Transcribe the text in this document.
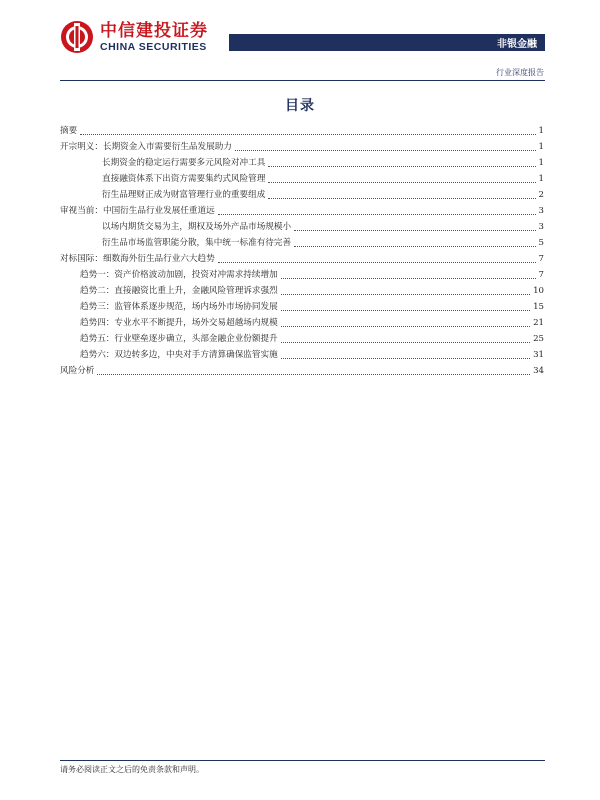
中信建投证券
CHINA SECURITIES	非银金融
行业深度报告
目录
摘要	1
开宗明义：长期资金入市需要衍生品发展助力	1
长期资金的稳定运行需要多元风险对冲工具	1
直接融资体系下出资方需要集约式风险管理	1
衍生品理财正成为财富管理行业的重要组成	2
审视当前：中国衍生品行业发展任重道远	3
以场内期货交易为主，期权及场外产品市场规模小	3
衍生品市场监管职能分散，集中统一标准有待完善	5
对标国际：细数海外衍生品行业六大趋势	7
趋势一：资产价格波动加剧，投资对冲需求持续增加	7
趋势二：直接融资比重上升，金融风险管理诉求强烈	10
趋势三：监管体系逐步规范，场内场外市场协同发展	15
趋势四：专业水平不断提升，场外交易超越场内规模	21
趋势五：行业壁垒逐步确立，头部金融企业份额提升	25
趋势六：双边转多边，中央对手方清算确保监管实施	31
风险分析	34
请务必阅读正文之后的免责条款和声明。
